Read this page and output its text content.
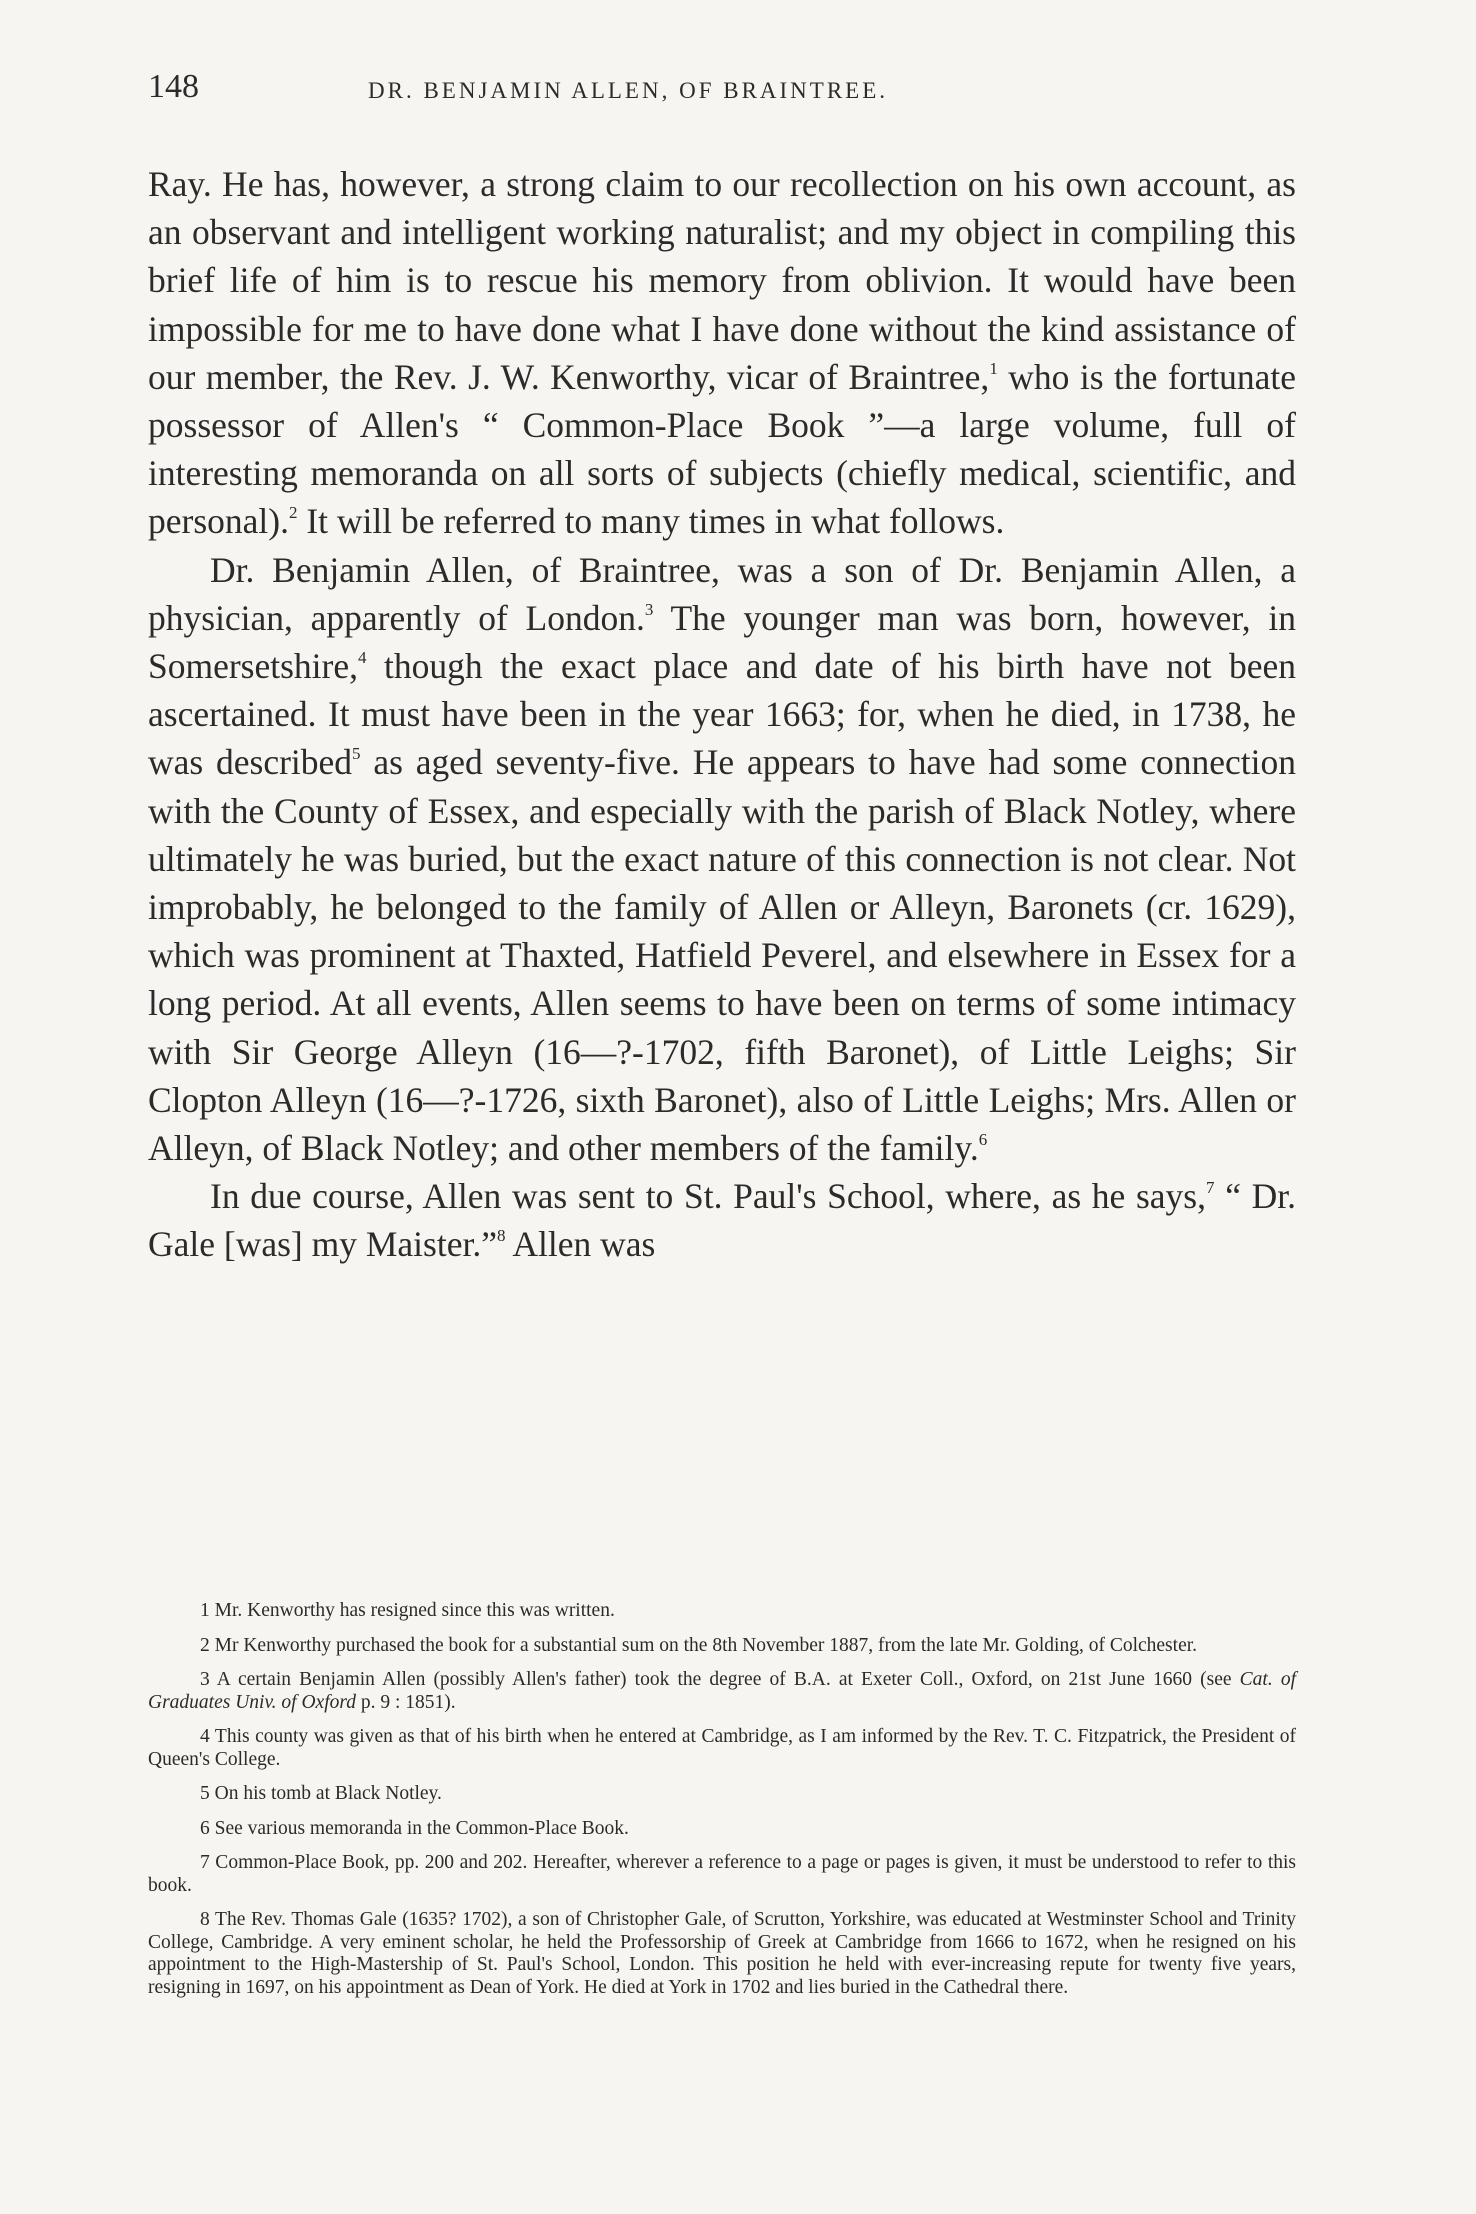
148	DR. BENJAMIN ALLEN, OF BRAINTREE.

Ray. He has, however, a strong claim to our recollection on his own account, as an observant and intelligent working naturalist; and my object in compiling this brief life of him is to rescue his memory from oblivion. It would have been impossible for me to have done what I have done without the kind assistance of our member, the Rev. J. W. Kenworthy, vicar of Braintree,$^1$ who is the fortunate possessor of Allen's “ Common-Place Book ”—a large volume, full of interesting memoranda on all sorts of subjects (chiefly medical, scientific, and personal).$^2$ It will be referred to many times in what follows.

Dr. Benjamin Allen, of Braintree, was a son of Dr. Benjamin Allen, a physician, apparently of London.$^3$ The younger man was born, however, in Somersetshire,$^4$ though the exact place and date of his birth have not been ascertained. It must have been in the year 1663; for, when he died, in 1738, he was described$^5$ as aged seventy-five. He appears to have had some connection with the County of Essex, and especially with the parish of Black Notley, where ultimately he was buried, but the exact nature of this connection is not clear. Not improbably, he belonged to the family of Allen or Alleyn, Baronets (cr. 1629), which was prominent at Thaxted, Hatfield Peverel, and elsewhere in Essex for a long period. At all events, Allen seems to have been on terms of some intimacy with Sir George Alleyn (16—?-1702, fifth Baronet), of Little Leighs; Sir Clopton Alleyn (16—?-1726, sixth Baronet), also of Little Leighs; Mrs. Allen or Alleyn, of Black Notley; and other members of the family.$^6$

In due course, Allen was sent to St. Paul's School, where, as he says,$^7$ “ Dr. Gale [was] my Maister.”$^8$ Allen was

1 Mr. Kenworthy has resigned since this was written.

2 Mr Kenworthy purchased the book for a substantial sum on the 8th November 1887, from the late Mr. Golding, of Colchester.

3 A certain Benjamin Allen (possibly Allen's father) took the degree of B.A. at Exeter Coll., Oxford, on 21st June 1660 (see Cat. of Graduates Univ. of Oxford p. 9 : 1851).

4 This county was given as that of his birth when he entered at Cambridge, as I am informed by the Rev. T. C. Fitzpatrick, the President of Queen's College.

5 On his tomb at Black Notley.

6 See various memoranda in the Common-Place Book.

7 Common-Place Book, pp. 200 and 202. Hereafter, wherever a reference to a page or pages is given, it must be understood to refer to this book.

8 The Rev. Thomas Gale (1635? 1702), a son of Christopher Gale, of Scrutton, Yorkshire, was educated at Westminster School and Trinity College, Cambridge. A very eminent scholar, he held the Professorship of Greek at Cambridge from 1666 to 1672, when he resigned on his appointment to the High-Mastership of St. Paul's School, London. This position he held with ever-increasing repute for twenty five years, resigning in 1697, on his appointment as Dean of York. He died at York in 1702 and lies buried in the Cathedral there.
